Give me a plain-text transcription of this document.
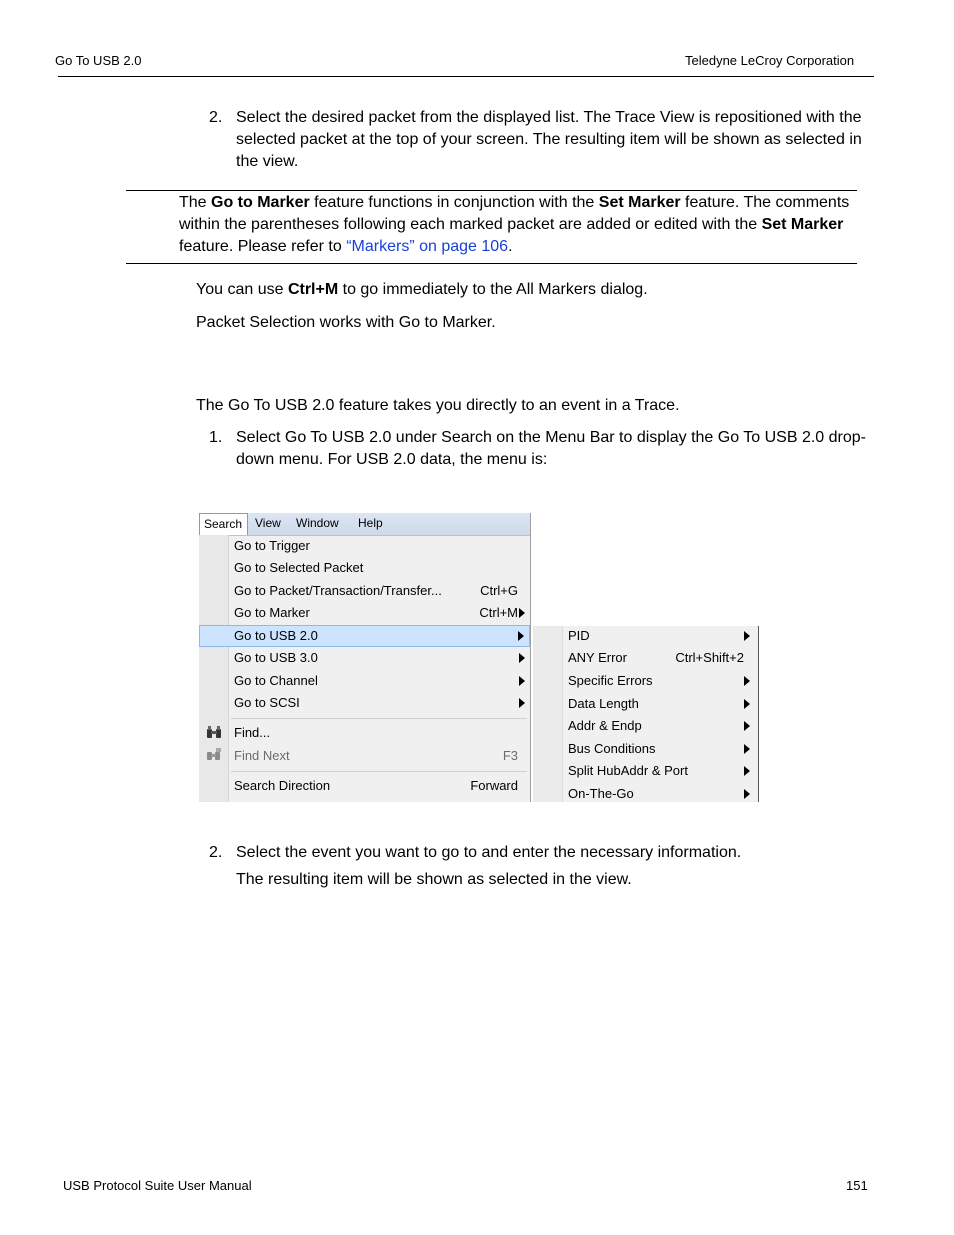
Go To USB 2.0	Teledyne LeCroy Corporation
2. Select the desired packet from the displayed list. The Trace View is repositioned with the selected packet at the top of your screen. The resulting item will be shown as selected in the view.
The Go to Marker feature functions in conjunction with the Set Marker feature. The comments within the parentheses following each marked packet are added or edited with the Set Marker feature. Please refer to “Markers” on page 106.
You can use Ctrl+M to go immediately to the All Markers dialog.
Packet Selection works with Go to Marker.
The Go To USB 2.0 feature takes you directly to an event in a Trace.
1. Select Go To USB 2.0 under Search on the Menu Bar to display the Go To USB 2.0 drop-down menu. For USB 2.0 data, the menu is:
Search View Window Help
Go to Trigger
Go to Selected Packet
Go to Packet/Transaction/Transfer...	Ctrl+G
Go to Marker	Ctrl+M
Go to USB 2.0
Go to USB 3.0
Go to Channel
Go to SCSI
Find...
Find Next	F3
Search Direction	Forward
PID
ANY Error	Ctrl+Shift+2
Specific Errors
Data Length
Addr & Endp
Bus Conditions
Split HubAddr & Port
On-The-Go
2. Select the event you want to go to and enter the necessary information.
The resulting item will be shown as selected in the view.
USB Protocol Suite User Manual	151
